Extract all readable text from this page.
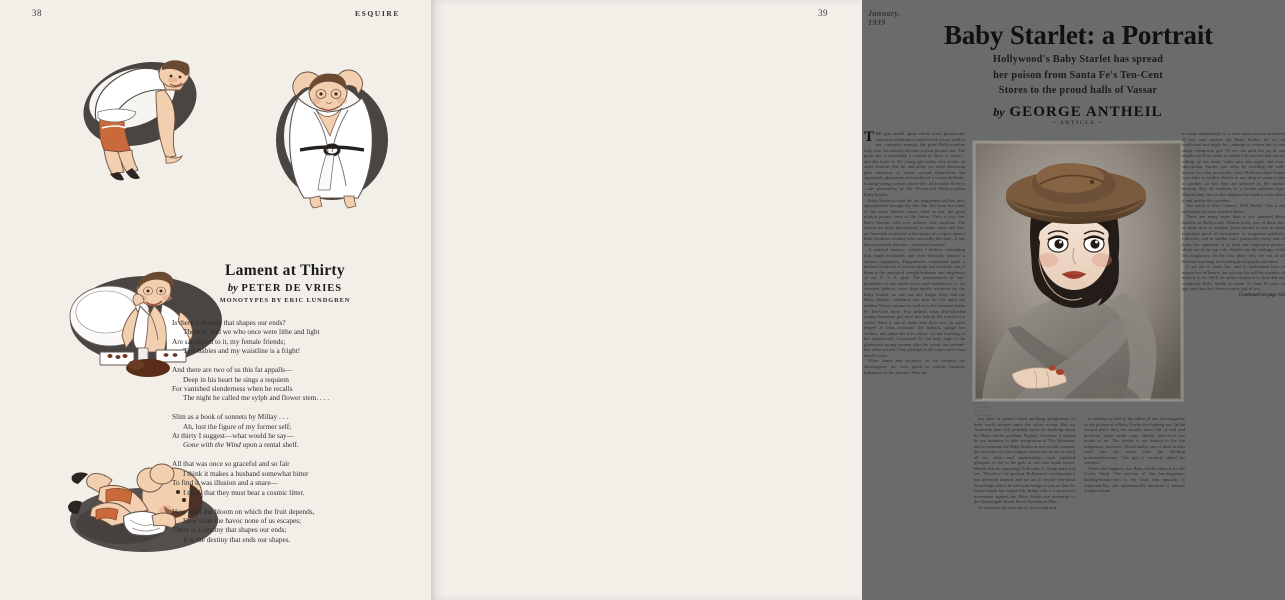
38	ESQUIRE
Lament at Thirty
by PETER DE VRIES
MONOTYPES BY ERIC LUNDGREN
Is there a destiny that shapes our ends?
There is, and we who once were lithe and light
Are sacrificed to it, my female friends;
Two babies and my waistline is a fright!
And there are two of us this fat appalls—
Deep in his heart he sings a requiem
For vanished slenderness when he recalls
The night he called me sylph and flower stem. . . .
Slim as a book of sonnets by Millay . . .
Ah, lost the figure of my former self;
At thirty I suggest—what would he say—
Gone with the Wind upon a rental shelf.
All that was once so graceful and so fair
I think it makes a husband somewhat bitter
To find it was illusion and a snare—
I think that they must bear a cosmic litter.
How brief the bloom on which the fruit depends,
How soon the havoc none of us escapes;
There is a destiny that shapes our ends;
It is the destiny that ends our shapes.
39	January, 1939	Baby Starlet: a Portrait
Hollywood's Baby Starlet has spread
her poison from Santa Fe's Ten-Cent
Stores to the proud halls of Vassar
by GEORGE ANTHEIL
• ARTICLE •
PASTEL PAINTING BY ERIC LUNDGREN

THE girl model upon which most present-day American femininity instinctively arrays itself is not, curiously enough, the great Hollywoodian lady who has already become a great picture star. The great star is invariably a woman of thirty or more—and she looks it. No young girl really ever envies an older woman. But far and away too often American girls endeavor to create around themselves the apparently glamorous personality of a certain brilliant-looking young woman whom they all actually do envy—the personality of the 19-year-old Hollywoodian Baby Starlet.

Baby Starlet is what the fan magazines call her, and, appropriately enough the title fits. For from the ranks of her sister Starlets come, often as not, the great motion picture stars of the future. Only a very few Baby Starlets will ever achieve true stardom. The reason we hope immediately to make clear, and they are herewith contained in the nature of a report upon a little feminine creature who can easily become—if she has not already become—a national menace.

A national menace, verbally I believe, something that might eventually and even seriously menace a nation's happiness. Happinesses considered upon a national scale are of various kinds, but certainly one of them is the unmarred straightforthness and singleness of our U. S. A. girls. The phenomenon of non-phoniness of our future wives and sweethearts is, we serenely believe, more than darkly menaced by the Baby Starlet; no one can any longer deny that the Baby Starlet's influence can now be felt upon the farthest Vassar campus as well as in the remotest Santa Fe Ten-Cent Store. For, indeed, what disk-blooded young American girl does not behold the movies too often? Were it one of them who does not—to some degree at least—estimate her lipstick, gauge her clothes, and adapt her love affairs via my marking of her fantastically Lovejoyed by the holy sign of the glamorous young woman who fits across our present-day silver screen? Nay, perhaps it all comes more than merely some.

Other hands and societies, as for instance the churchgoers, are ever quick to various business influences in the movies. They are

not slow to protest when anything antagonistic to their world secures upon the silver screen. But we American men will probably never do anything about the Baby Starlet problem. Rightly, however, it should be our business to take recognition of The Situation, and to examine the Baby Starlet as one would examine the microbe of a new plague; unless we do so we shall all too often—and unpleasantly—catch repeated glimpses of her in the girls of our own home towns. Would that be annoying? It already is. Think hard and see. Therefore the present Hollywood correspondent has herewith himself and set out to secure first-hand knowledge which he herewith brings to you so that the future might not impossibly bring with it a protective movement against the Baby Starlet not unsimilar to the Navestigate Rosin Flood Prevention Plan.

To conceive the microbe at close hand and

is nothing so dear to the editor of any fan magazine as the picture of a Baby Starlet in a bathing suit. In the second place they are usually more full of hell and therefore make better copy. Starlet interviews are works of art. The Starlet is not limited to the fan magazines, however. Occasionally one of them breaks forth into the slicks with the blinding prominenttoments "this girl is certainly slated for stardom."

When this happens, our Baby Starlet takes it for the Goal's Truth. The rise-out of the fan-magazine-bathing-beauty-shot is her final step upwards to respectability; she automatically becomes a famous young woman.

to come immediately to a clear and concrete statement of our case against the Baby Starlet, let us—an ineffectual not might be—attempt to reduce her to one single composite girl. (If we can park her up in one bundle she'll be easier to handle.) If you feel that we are rolling up too many faults into one single and over-spectacular Starlet, just relax by recalling the well-known fact that practically every Hollywoodian Starlet is as alike to another Starlet as one drop of water is like to another. In fact they are selected by the studios because they all conform to a certain uniform type. Should they vary in the slightest the studios soon affect it and rectify the variation.

The result is Miss Glamor, 1939 Model. This is the technique we have worried about.

There are many more than a few hundred Baby Starlets in Hollywood. Almost every one of them has, at some time or another, been elected to star in some important piece of newspaper or magazine publicity. Likewise, and in similar ratio, practically every one of them has appeared in at least one important picture, albeit not in the star role. Starlets are the darlings of the fan magazines. In the first place they are not at all hesitant in posing for bathing photographs and there

If we are to study her, and to understand how to negate her influence, her private life will be a matter of interest to us. We'll be rather surprised to find that our composite Baby Starlet is nearer 25 than 19 years of age, and that she's been a pretty girl of tru-

Continued on page 163
